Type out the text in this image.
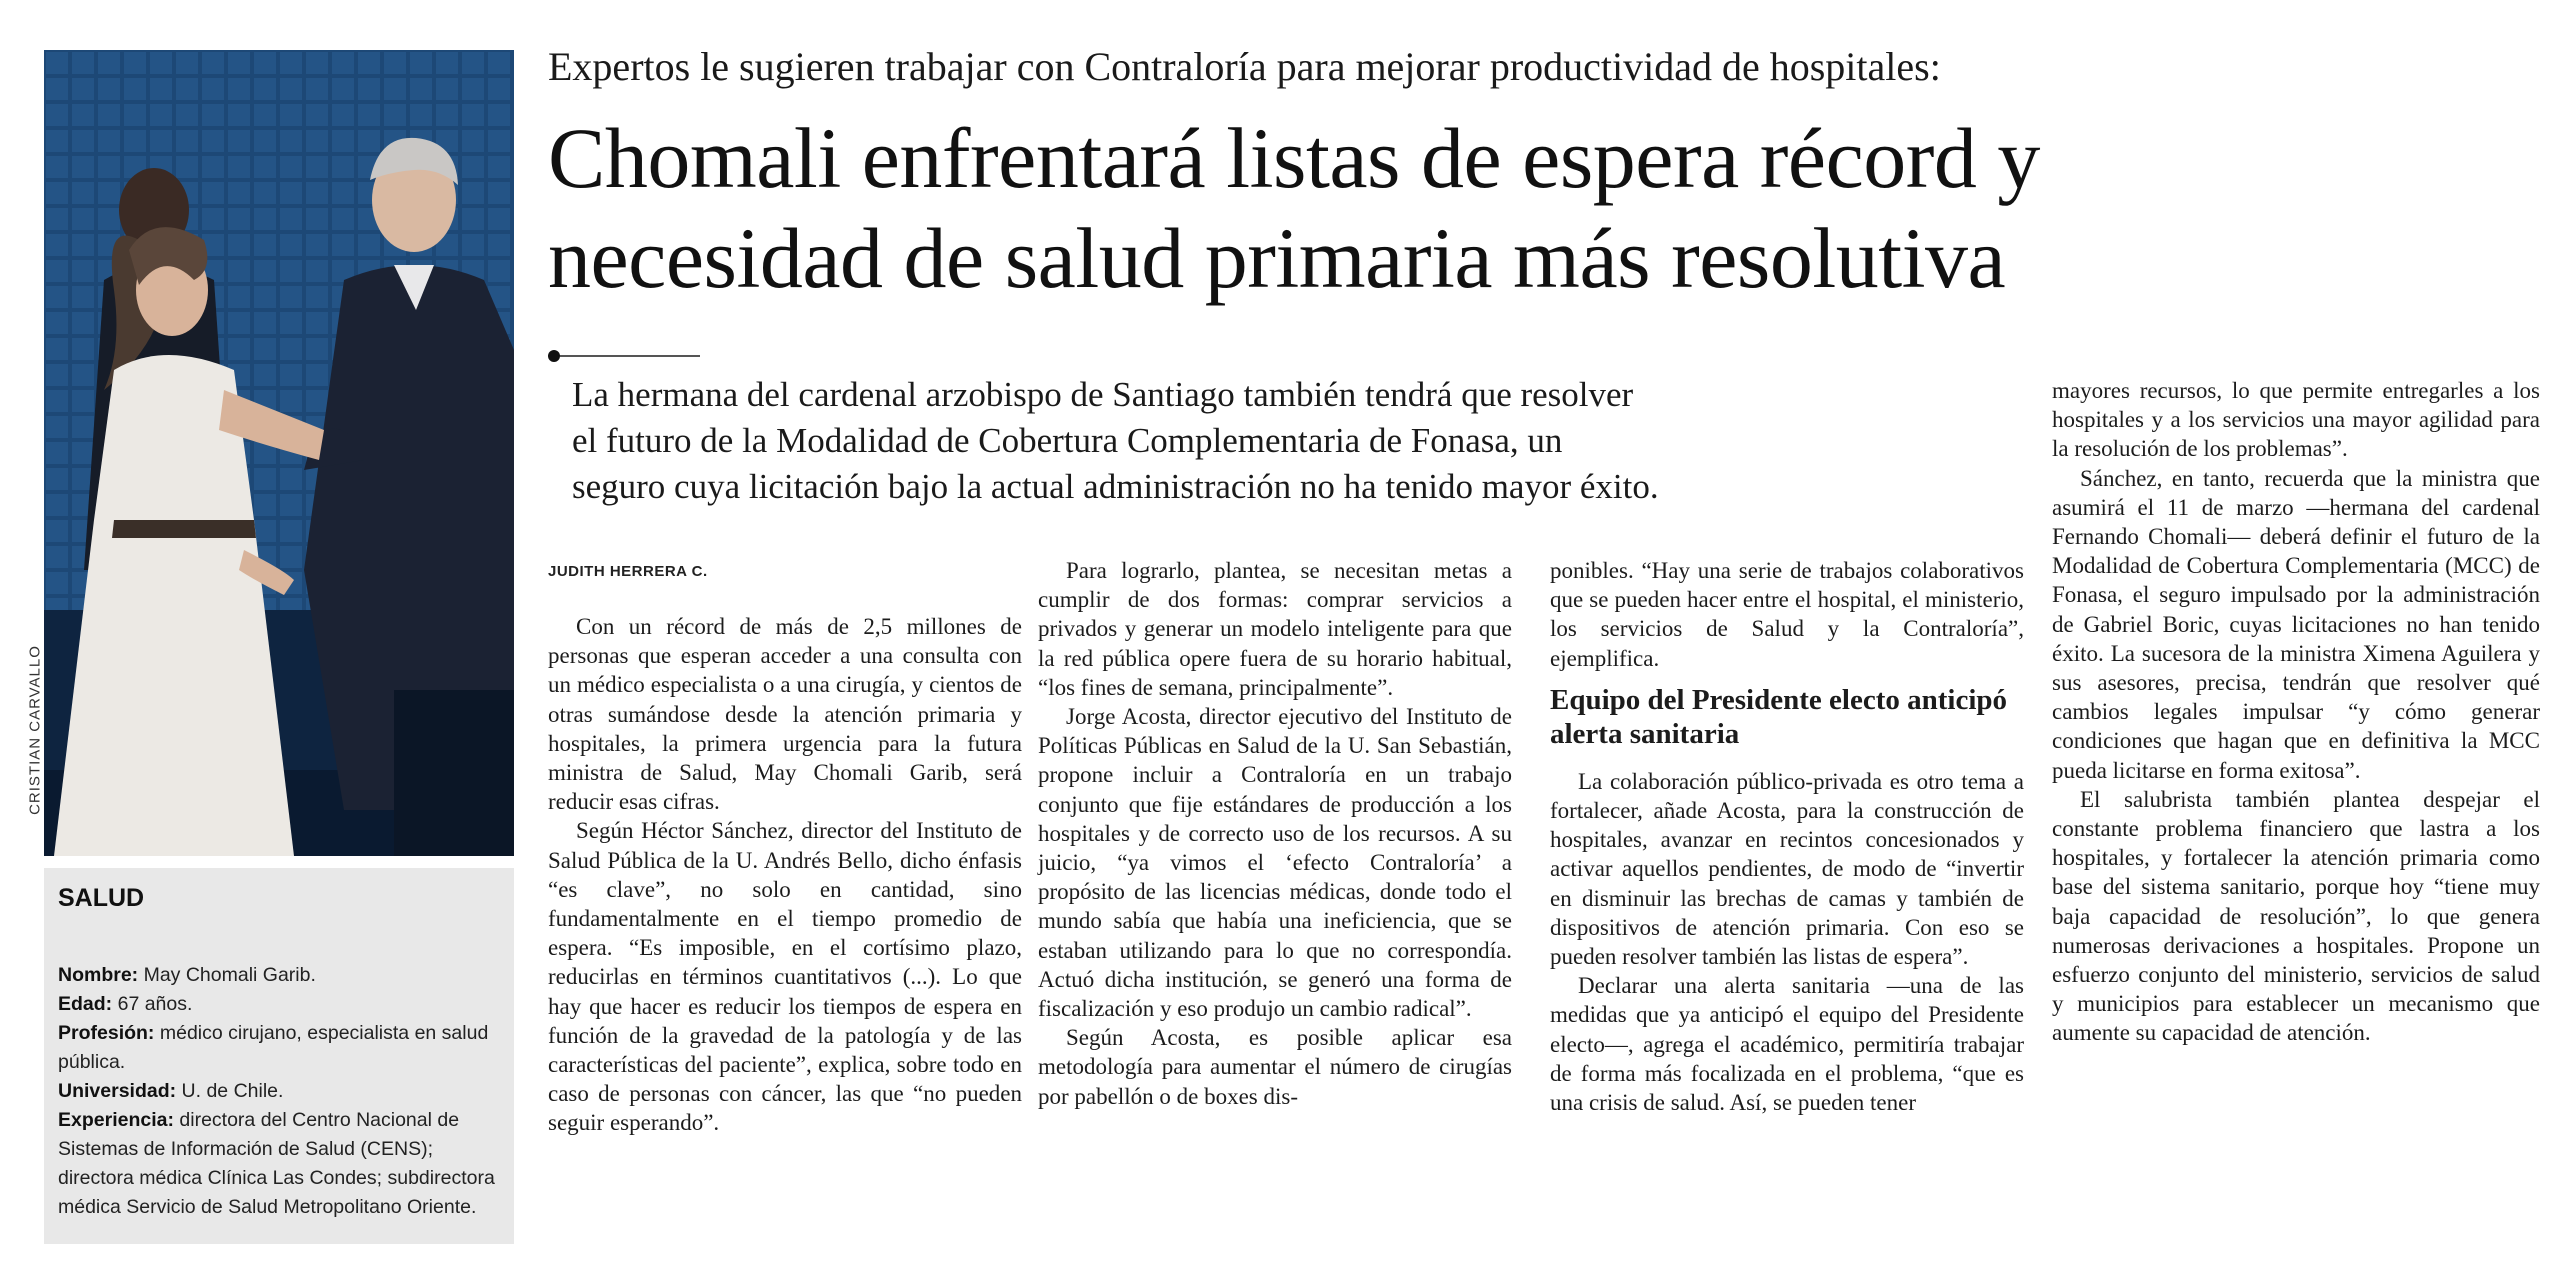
CRISTIAN CARVALLO
SALUD
Nombre: May Chomali Garib.
Edad: 67 años.
Profesión: médico cirujano, especialista en salud pública.
Universidad: U. de Chile.
Experiencia: directora del Centro Nacional de Sistemas de Información de Salud (CENS); directora médica Clínica Las Condes; subdirectora médica Servicio de Salud Metropolitano Oriente.
Expertos le sugieren trabajar con Contraloría para mejorar productividad de hospitales:
Chomali enfrentará listas de espera récord y
necesidad de salud primaria más resolutiva

La hermana del cardenal arzobispo de Santiago también tendrá que resolver

el futuro de la Modalidad de Cobertura Complementaria de Fonasa, un

seguro cuya licitación bajo la actual administración no ha tenido mayor éxito.

JUDITH HERRERA C.

Con un récord de más de 2,5 millones de personas que esperan acceder a una consulta con un médico especialista o a una cirugía, y cientos de otras sumándose desde la atención primaria y hospitales, la primera urgencia para la futura ministra de Salud, May Chomali Garib, será reducir esas cifras.

Según Héctor Sánchez, director del Instituto de Salud Pública de la U. Andrés Bello, dicho énfasis “es clave”, no solo en cantidad, sino fundamentalmente en el tiempo promedio de espera. “Es imposible, en el cortísimo plazo, reducirlas en términos cuantitativos (...). Lo que hay que hacer es reducir los tiempos de espera en función de la gravedad de la patología y de las características del paciente”, explica, sobre todo en caso de personas con cáncer, las que “no pueden seguir esperando”.

Para lograrlo, plantea, se necesitan metas a cumplir de dos formas: comprar servicios a privados y generar un modelo inteligente para que la red pública opere fuera de su horario habitual, “los fines de semana, principalmente”.

Jorge Acosta, director ejecutivo del Instituto de Políticas Públicas en Salud de la U. San Sebastián, propone incluir a Contraloría en un trabajo conjunto que fije estándares de producción a los hospitales y de correcto uso de los recursos. A su juicio, “ya vimos el ‘efecto Contraloría’ a propósito de las licencias médicas, donde todo el mundo sabía que había una ineficiencia, que se estaban utilizando para lo que no correspondía. Actuó dicha institución, se generó una forma de fiscalización y eso produjo un cambio radical”.

Según Acosta, es posible aplicar esa metodología para aumentar el número de cirugías por pabellón o de boxes dis-

ponibles. “Hay una serie de trabajos colaborativos que se pueden hacer entre el hospital, el ministerio, los servicios de Salud y la Contraloría”, ejemplifica.

Equipo del Presidente electo anticipó alerta sanitaria

La colaboración público-privada es otro tema a fortalecer, añade Acosta, para la construcción de hospitales, avanzar en recintos concesionados y activar aquellos pendientes, de modo de “invertir en disminuir las brechas de camas y también de dispositivos de atención primaria. Con eso se pueden resolver también las listas de espera”.

Declarar una alerta sanitaria —una de las medidas que ya anticipó el equipo del Presidente electo—, agrega el académico, permitiría trabajar de forma más focalizada en el problema, “que es una crisis de salud. Así, se pueden tener

mayores recursos, lo que permite entregarles a los hospitales y a los servicios una mayor agilidad para la resolución de los problemas”.

Sánchez, en tanto, recuerda que la ministra que asumirá el 11 de marzo —hermana del cardenal Fernando Chomali— deberá definir el futuro de la Modalidad de Cobertura Complementaria (MCC) de Fonasa, el seguro impulsado por la administración de Gabriel Boric, cuyas licitaciones no han tenido éxito. La sucesora de la ministra Ximena Aguilera y sus asesores, precisa, tendrán que resolver qué cambios legales impulsar “y cómo generar condiciones que hagan que en definitiva la MCC pueda licitarse en forma exitosa”.

El salubrista también plantea despejar el constante problema financiero que lastra a los hospitales, y fortalecer la atención primaria como base del sistema sanitario, porque hoy “tiene muy baja capacidad de resolución”, lo que genera numerosas derivaciones a hospitales. Propone un esfuerzo conjunto del ministerio, servicios de salud y municipios para establecer un mecanismo que aumente su capacidad de atención.
